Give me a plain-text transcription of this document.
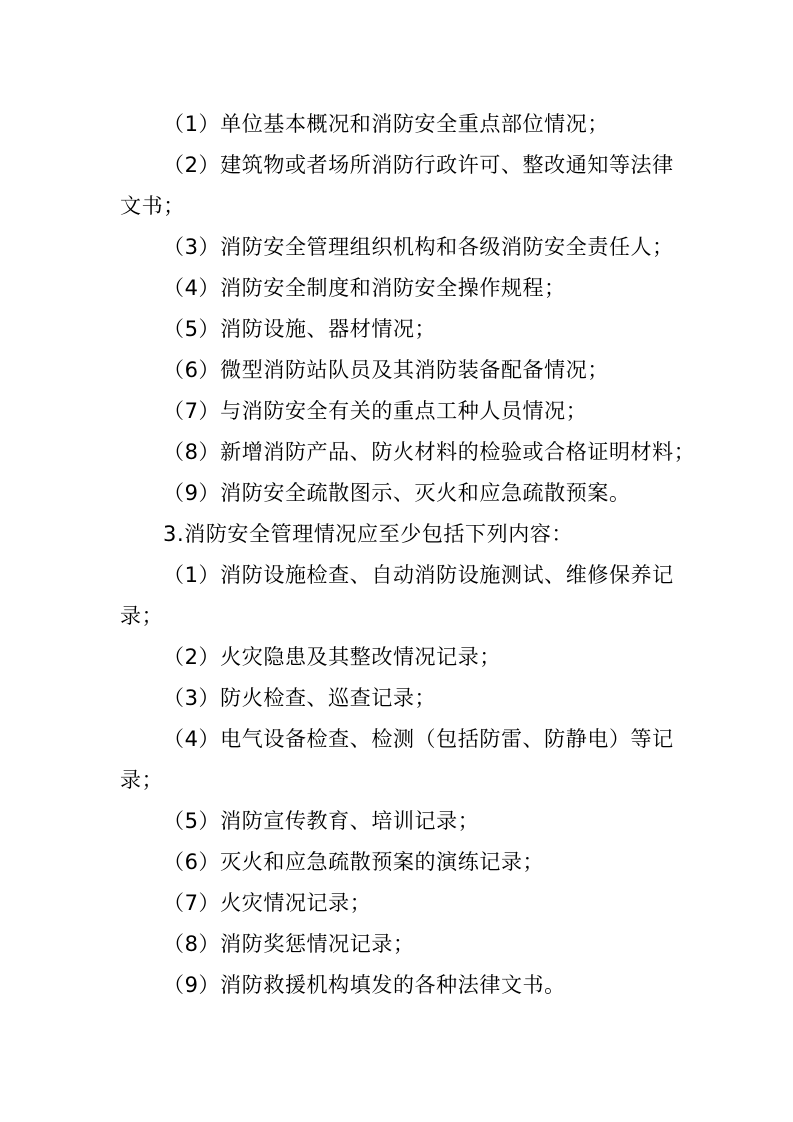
（1）单位基本概况和消防安全重点部位情况；
（2）建筑物或者场所消防行政许可、整改通知等法律
文书；
（3）消防安全管理组织机构和各级消防安全责任人；
（4）消防安全制度和消防安全操作规程；
（5）消防设施、器材情况；
（6）微型消防站队员及其消防装备配备情况；
（7）与消防安全有关的重点工种人员情况；
（8）新增消防产品、防火材料的检验或合格证明材料；
（9）消防安全疏散图示、灭火和应急疏散预案。
3.消防安全管理情况应至少包括下列内容：
（1）消防设施检查、自动消防设施测试、维修保养记
录；
（2）火灾隐患及其整改情况记录；
（3）防火检查、巡查记录；
（4）电气设备检查、检测（包括防雷、防静电）等记
录；
（5）消防宣传教育、培训记录；
（6）灭火和应急疏散预案的演练记录；
（7）火灾情况记录；
（8）消防奖惩情况记录；
（9）消防救援机构填发的各种法律文书。
